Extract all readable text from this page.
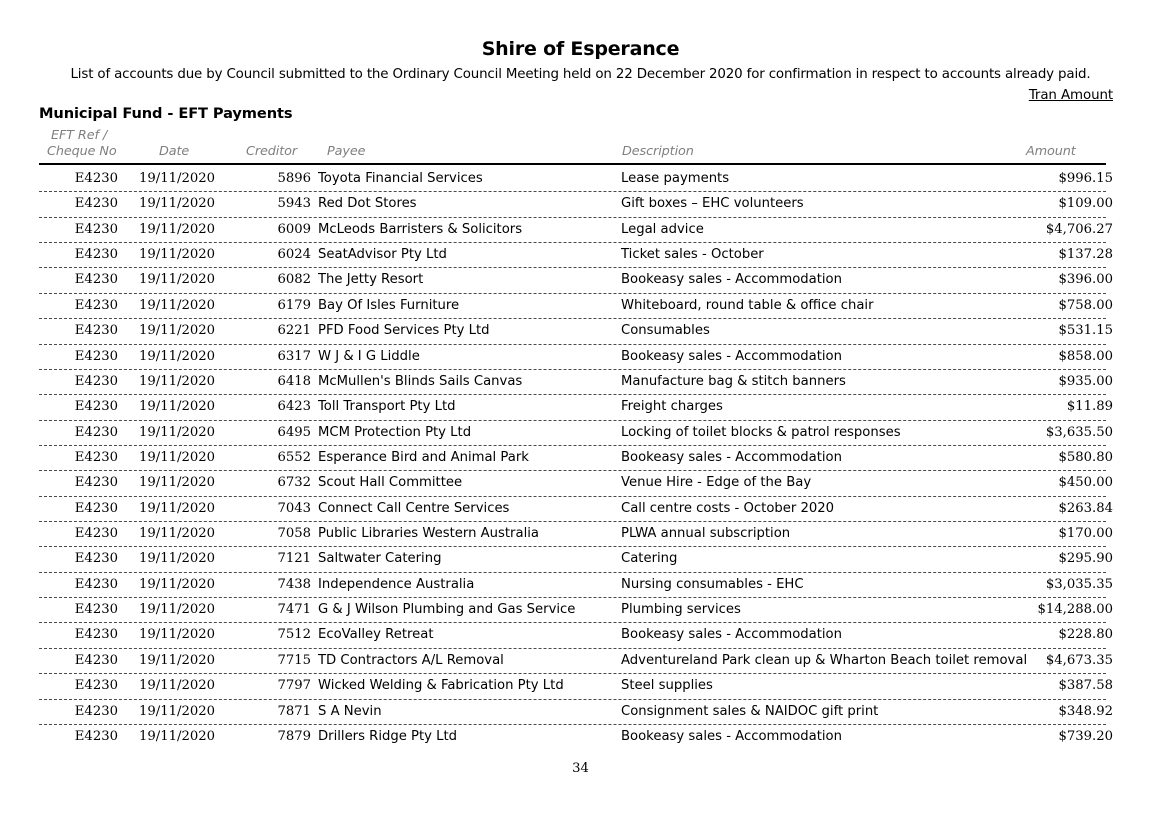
Shire of Esperance
List of accounts due by Council submitted to the Ordinary Council Meeting held on 22 December 2020 for confirmation in respect to accounts already paid.
Tran Amount
Municipal Fund - EFT Payments
EFT Ref /
Cheque No	Date	Creditor Payee	Description	Amount
E4230 19/11/2020	5896 Toyota Financial Services	Lease payments	$996.15
E4230 19/11/2020	5943 Red Dot Stores	Gift boxes – EHC volunteers	$109.00
E4230 19/11/2020	6009 McLeods Barristers & Solicitors	Legal advice	$4,706.27
E4230 19/11/2020	6024 SeatAdvisor Pty Ltd	Ticket sales - October	$137.28
E4230 19/11/2020	6082 The Jetty Resort	Bookeasy sales - Accommodation	$396.00
E4230 19/11/2020	6179 Bay Of Isles Furniture	Whiteboard, round table & office chair	$758.00
E4230 19/11/2020	6221 PFD Food Services Pty Ltd	Consumables	$531.15
E4230 19/11/2020	6317 W J & I G Liddle	Bookeasy sales - Accommodation	$858.00
E4230 19/11/2020	6418 McMullen's Blinds Sails Canvas	Manufacture bag & stitch banners	$935.00
E4230 19/11/2020	6423 Toll Transport Pty Ltd	Freight charges	$11.89
E4230 19/11/2020	6495 MCM Protection Pty Ltd	Locking of toilet blocks & patrol responses	$3,635.50
E4230 19/11/2020	6552 Esperance Bird and Animal Park	Bookeasy sales - Accommodation	$580.80
E4230 19/11/2020	6732 Scout Hall Committee	Venue Hire - Edge of the Bay	$450.00
E4230 19/11/2020	7043 Connect Call Centre Services	Call centre costs - October 2020	$263.84
E4230 19/11/2020	7058 Public Libraries Western Australia	PLWA annual subscription	$170.00
E4230 19/11/2020	7121 Saltwater Catering	Catering	$295.90
E4230 19/11/2020	7438 Independence Australia	Nursing consumables - EHC	$3,035.35
E4230 19/11/2020	7471 G & J Wilson Plumbing and Gas Service	Plumbing services	$14,288.00
E4230 19/11/2020	7512 EcoValley Retreat	Bookeasy sales - Accommodation	$228.80
E4230 19/11/2020	7715 TD Contractors A/L Removal	Adventureland Park clean up & Wharton Beach toilet removal $4,673.35
E4230 19/11/2020	7797 Wicked Welding & Fabrication Pty Ltd	Steel supplies	$387.58
E4230 19/11/2020	7871 S A Nevin	Consignment sales & NAIDOC gift print	$348.92
E4230 19/11/2020	7879 Drillers Ridge Pty Ltd	Bookeasy sales - Accommodation	$739.20
34
